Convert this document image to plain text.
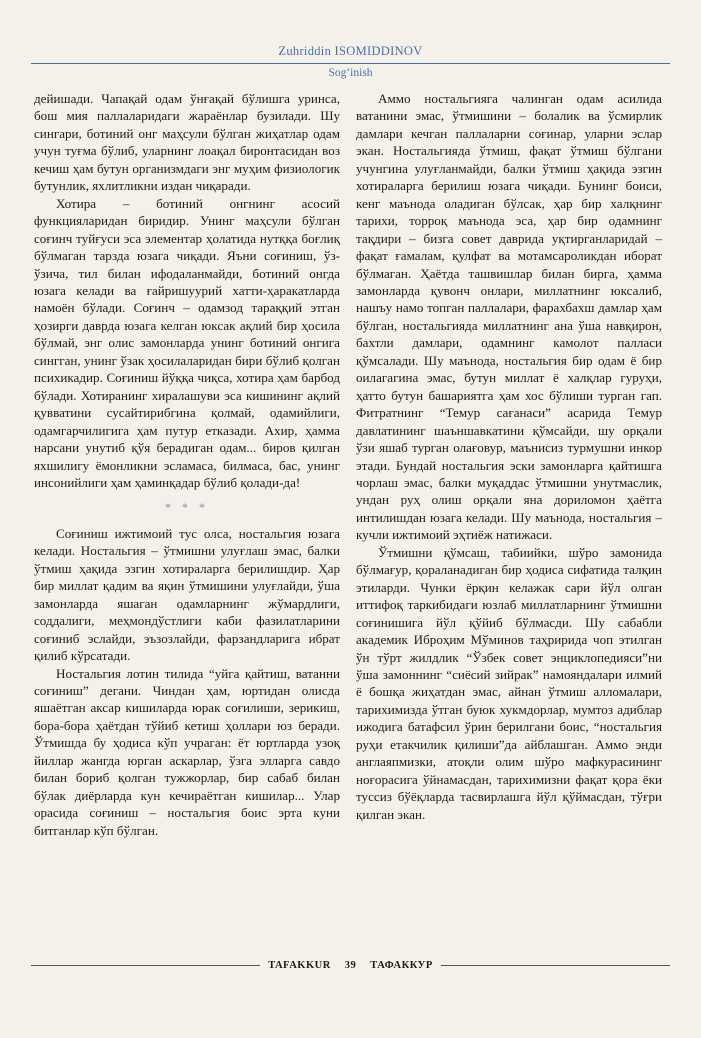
Zuhriddin ISOMIDDINOV
Sog‘inish

дейишади. Чапақай одам ўнғақай бўлишга уринса, бош мия паллаларидаги жараёнлар бузилади. Шу сингари, ботиний онг маҳсули бўлган жиҳатлар одам учун туғма бўлиб, уларнинг лоақал биронтасидан воз кечиш ҳам бутун организмдаги энг муҳим физиологик бутунлик, яхлитликни издан чиқаради.

Хотира – ботиний онгнинг асосий функцияларидан биридир. Унинг маҳсули бўлган соғинч туйғуси эса элементар ҳолатида нутққа боғлиқ бўлмаган тарзда юзага чиқади. Яъни соғиниш, ўз-ўзича, тил билан ифодаланмайди, ботиний онгда юзага келади ва ғайришуурий хатти-ҳаракатларда намоён бўлади. Соғинч – одамзод тараққий этган ҳозирги даврда юзага келган юксак ақлий бир ҳосила бўлмай, энг олис замонларда унинг ботиний онгига сингган, унинг ўзак ҳосилаларидан бири бўлиб қолган психикадир. Соғиниш йўққа чиқса, хотира ҳам барбод бўлади. Хотиранинг хиралашуви эса кишининг ақлий қувватини сусайтирибгина қолмай, одамийлиги, одамгарчилигига ҳам путур етказади. Ахир, ҳамма нарсани унутиб қўя берадиган одам... биров қилган яхшилигу ёмонликни эсламаса, билмаса, бас, унинг инсонийлиги ҳам ҳаминқадар бўлиб қолади-да!

* * *

Соғиниш ижтимоий тус олса, ностальгия юзага келади. Ностальгия – ўтмишни улуғлаш эмас, балки ўтмиш ҳақида эзгин хотираларга берилишдир. Ҳар бир миллат қадим ва яқин ўтмишини улуғлайди, ўша замонларда яшаган одамларнинг жўмардлиги, соддалиги, меҳмондўстлиги каби фазилатларини соғиниб эслайди, эъзозлайди, фарзандларига ибрат қилиб кўрсатади.

Ностальгия лотин тилида “уйга қайтиш, ватанни соғиниш” дегани. Чиндан ҳам, юртидан олисда яшаётган аксар кишиларда юрак соғилиши, зерикиш, бора-бора ҳаётдан тўйиб кетиш ҳоллари юз беради. Ўтмишда бу ҳодиса кўп учраган: ёт юртларда узоқ йиллар жангда юрган аскарлар, ўзга элларга савдо билан бориб қолган тужжорлар, бир сабаб билан бўлак диёрларда кун кечираётган кишилар... Улар орасида соғиниш – ностальгия боис эрта куни битганлар кўп бўлган.

Аммо ностальгияга чалинган одам асилида ватанини эмас, ўтмишини – болалик ва ўсмирлик дамлари кечган паллаларни соғинар, уларни эслар экан. Ностальгияда ўтмиш, фақат ўтмиш бўлгани учунгина улуғланмайди, балки ўтмиш ҳақида эзгин хотираларга берилиш юзага чиқади. Бунинг боиси, кенг маънода оладиган бўлсак, ҳар бир халқнинг тарихи, торроқ маънода эса, ҳар бир одамнинг тақдири – бизга совет даврида уқтирганларидай – фақат ғамалам, қулфат ва мотамсароликдан иборат бўлмаган. Ҳаётда ташвишлар билан бирга, ҳамма замонларда қувонч онлари, миллатнинг юксалиб, нашъу намо топган паллалари, фарахбахш дамлар ҳам бўлган, ностальгияда миллатнинг ана ўша навқирон, бахтли дамлари, одамнинг камолот палласи қўмсалади. Шу маънода, ностальгия бир одам ё бир оилагагина эмас, бутун миллат ё халқлар гуруҳи, ҳатто бутун башариятга ҳам хос бўлиши турган гап. Фитратнинг “Темур сағанаси” асарида Темур давлатининг шаъншавкатини қўмсайди, шу орқали ўзи яшаб турган олағовур, маънисиз турмушни инкор этади. Бундай ностальгия эски замонларга қайтишга чорлаш эмас, балки муқаддас ўтмишни унутмаслик, ундан руҳ олиш орқали яна дориломон ҳаётга интилишдан юзага келади. Шу маънода, ностальгия – кучли ижтимоий эҳтиёж натижаси.

Ўтмишни қўмсаш, табиийки, шўро замонида бўлмағур, қораланадиган бир ҳодиса сифатида талқин этиларди. Чунки ёрқин келажак сари йўл олган иттифоқ таркибидаги юзлаб миллатларнинг ўтмишни соғинишига йўл қўйиб бўлмасди. Шу сабабли академик Иброҳим Мўминов таҳририда чоп этилган ўн тўрт жилдлик “Ўзбек совет энциклопедияси”ни ўша замоннинг “сиёсий зийрак” намояндалари илмий ё бошқа жиҳатдан эмас, айнан ўтмиш алломалари, тарихимизда ўтган буюк хукмдорлар, мумтоз адиблар ижодига батафсил ўрин берилгани боис, “ностальгия руҳи етакчилик қилиши”да айблашган. Аммо энди англаяпмизки, атоқли олим шўро мафкурасининг ноғорасига ўйнамасдан, тарихимизни фақат қора ёки туссиз бўёқларда тасвирлашга йўл қўймасдан, тўғри қилган экан.

TAFAKKUR 39 ТАФАККУР
